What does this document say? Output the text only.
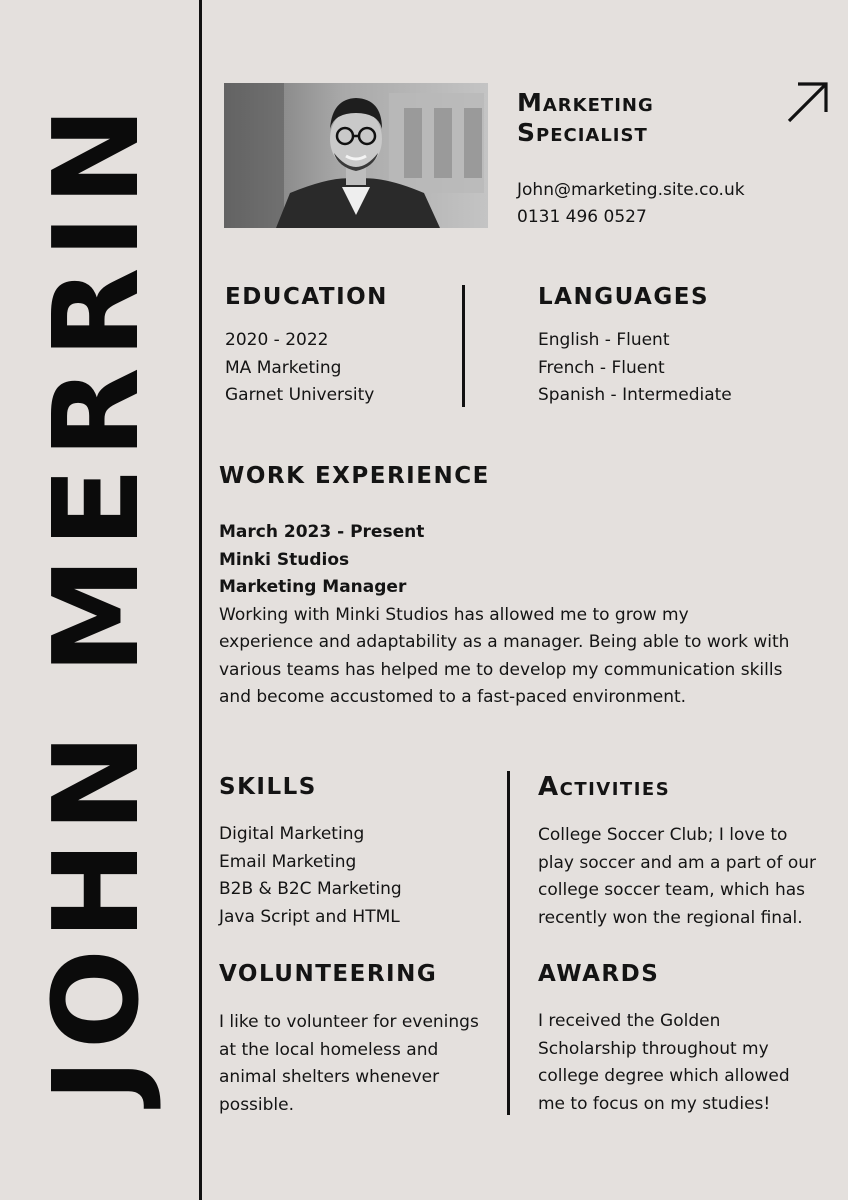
JOHN MERRIN	Marketing
Specialist
John@marketing.site.co.uk
0131 496 0527
EDUCATION
2020 - 2022
MA Marketing
Garnet University
LANGUAGES
English - Fluent
French - Fluent
Spanish - Intermediate
WORK EXPERIENCE
March 2023 - Present
Minki Studios
Marketing Manager
Working with Minki Studios has allowed me to grow my
experience and adaptability as a manager. Being able to work with
various teams has helped me to develop my communication skills
and become accustomed to a fast-paced environment.
SKILLS
Digital Marketing
Email Marketing
B2B & B2C Marketing
Java Script and HTML
Activities
College Soccer Club; I love to
play soccer and am a part of our
college soccer team, which has
recently won the regional final.
VOLUNTEERING
I like to volunteer for evenings
at the local homeless and
animal shelters whenever
possible.
AWARDS
I received the Golden
Scholarship throughout my
college degree which allowed
me to focus on my studies!
